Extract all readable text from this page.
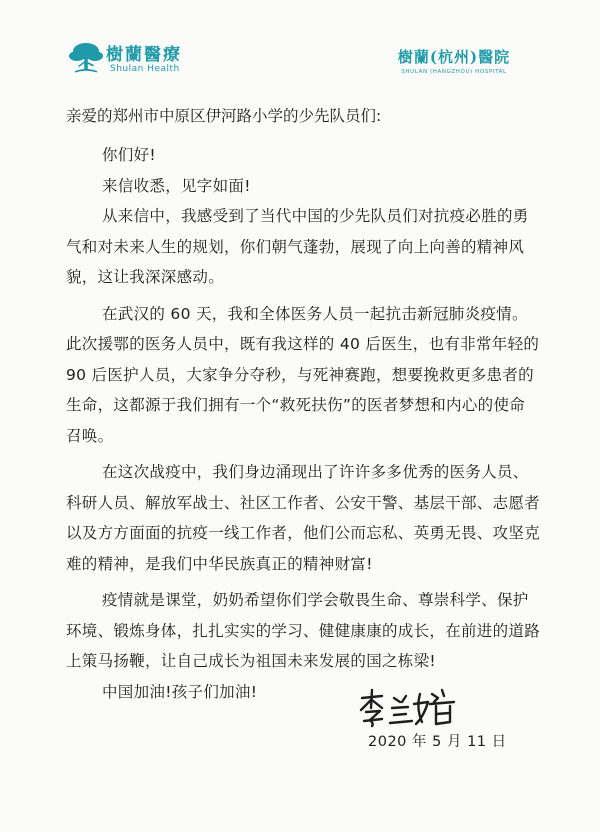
樹蘭醫療
Shulan Health
樹蘭(杭州)醫院
SHULAN (HANGZHOU) HOSPITAL

亲爱的郑州市中原区伊河路小学的少先队员们:

你们好!

来信收悉，见字如面!

从来信中，我感受到了当代中国的少先队员们对抗疫必胜的勇气和对未来人生的规划，你们朝气蓬勃，展现了向上向善的精神风貌，这让我深深感动。

在武汉的 60 天，我和全体医务人员一起抗击新冠肺炎疫情。此次援鄂的医务人员中，既有我这样的 40 后医生，也有非常年轻的 90 后医护人员，大家争分夺秒，与死神赛跑，想要挽救更多患者的生命，这都源于我们拥有一个“救死扶伤”的医者梦想和内心的使命召唤。

在这次战疫中，我们身边涌现出了许许多多优秀的医务人员、科研人员、解放军战士、社区工作者、公安干警、基层干部、志愿者以及方方面面的抗疫一线工作者，他们公而忘私、英勇无畏、攻坚克难的精神，是我们中华民族真正的精神财富!

疫情就是课堂，奶奶希望你们学会敬畏生命、尊崇科学、保护环境、锻炼身体，扎扎实实的学习、健健康康的成长，在前进的道路上策马扬鞭，让自己成长为祖国未来发展的国之栋梁!

中国加油!孩子们加油!

2020 年 5 月 11 日
